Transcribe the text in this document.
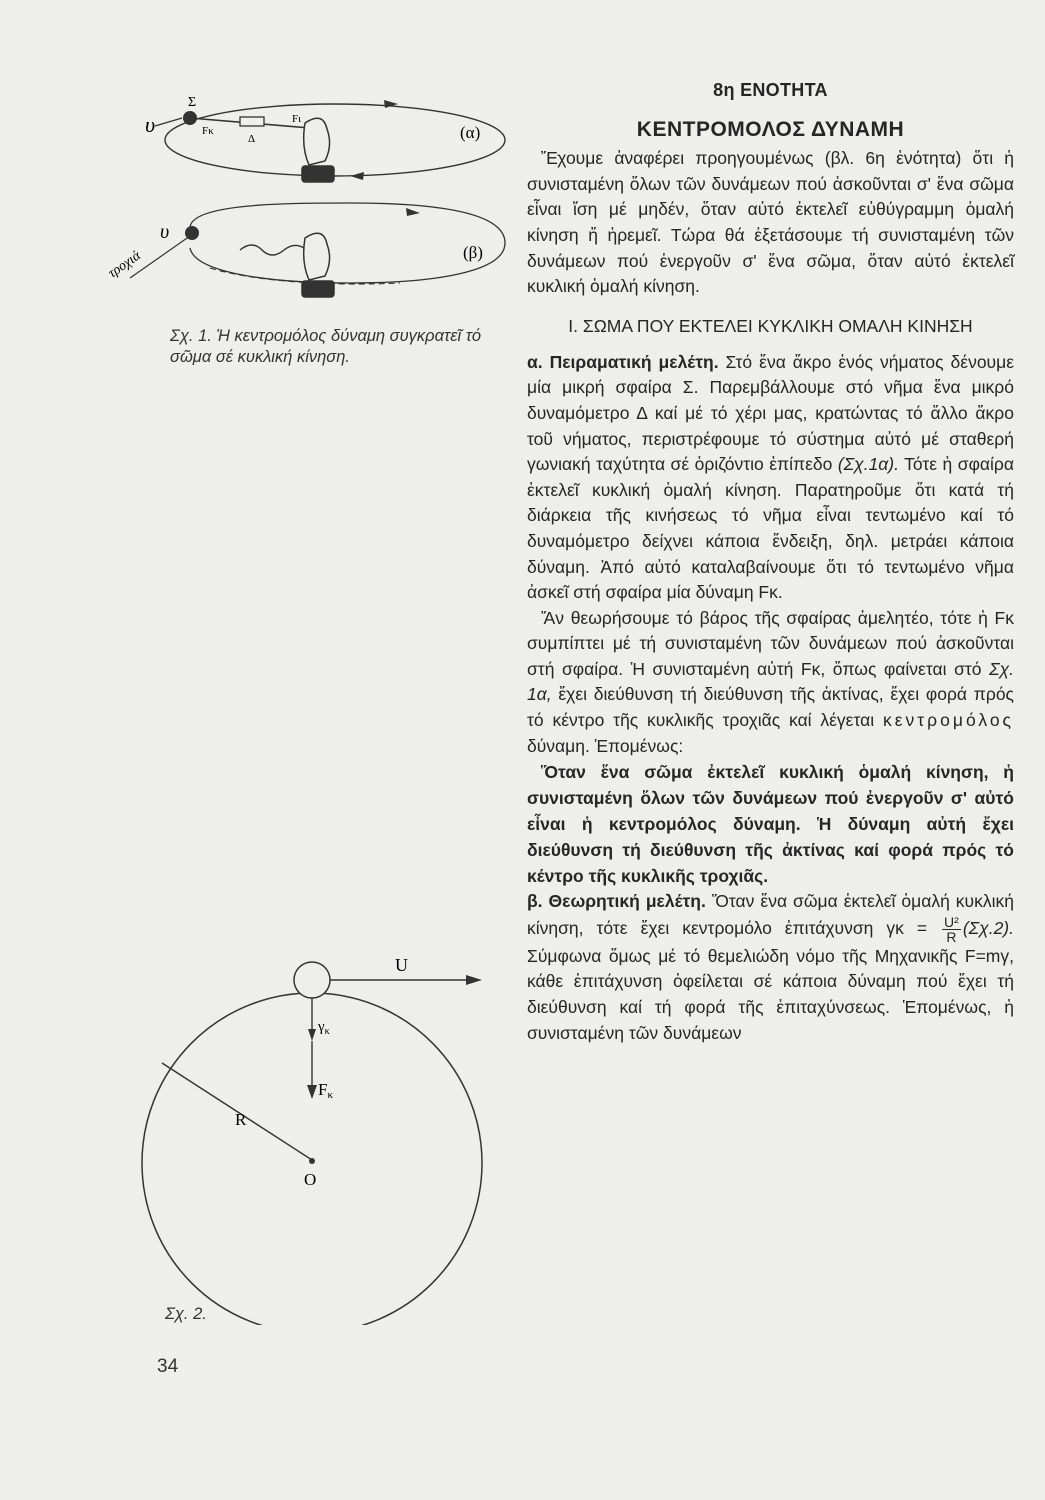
Σ
υ	Fκ
Δ
Fι
(α)
τροχιά
υ
(β)
Σχ. 1. Ἡ κεντρομόλος δύναμη συγκρατεῖ τό σῶμα σέ κυκλική κίνηση.
U
R
O
$\gamma_\kappa$
Fκ
Σχ. 2.
34
8η ΕΝΟΤΗΤΑ
ΚΕΝΤΡΟΜΟΛΟΣ ΔΥΝΑΜΗ

Ἔχουμε ἀναφέρει προηγουμένως (βλ. 6η ἑνότητα) ὅτι ἡ συνισταμένη ὅλων τῶν δυνάμεων πού ἀσκοῦνται σ' ἕνα σῶμα εἶναι ἴση μέ μηδέν, ὅταν αὐτό ἐκτελεῖ εὐθύγραμμη ὁμαλή κίνηση ἤ ἠρεμεῖ. Τώρα θά ἐξετάσουμε τή συνισταμένη τῶν δυνάμεων πού ἐνεργοῦν σ' ἕνα σῶμα, ὅταν αὐτό ἐκτελεῖ κυκλική ὁμαλή κίνηση.

Ι. ΣΩΜΑ ΠΟΥ ΕΚΤΕΛΕΙ ΚΥΚΛΙΚΗ ΟΜΑΛΗ ΚΙΝΗΣΗ

α. Πειραματική μελέτη. Στό ἕνα ἄκρο ἑνός νήματος δένουμε μία μικρή σφαίρα Σ. Παρεμβάλλουμε στό νῆμα ἕνα μικρό δυναμόμετρο Δ καί μέ τό χέρι μας, κρατώντας τό ἄλλο ἄκρο τοῦ νήματος, περιστρέφουμε τό σύστημα αὐτό μέ σταθερή γωνιακή ταχύτητα σέ ὁριζόντιο ἐπίπεδο (Σχ.1α). Τότε ἡ σφαίρα ἐκτελεῖ κυκλική ὁμαλή κίνηση. Παρατηροῦμε ὅτι κατά τή διάρκεια τῆς κινήσεως τό νῆμα εἶναι τεντωμένο καί τό δυναμόμετρο δείχνει κάποια ἔνδειξη, δηλ. μετράει κάποια δύναμη. Ἀπό αὐτό καταλαβαίνουμε ὅτι τό τεντωμένο νῆμα ἀσκεῖ στή σφαίρα μία δύναμη Fκ.

Ἄν θεωρήσουμε τό βάρος τῆς σφαίρας ἀμελητέο, τότε ἡ Fκ συμπίπτει μέ τή συνισταμένη τῶν δυνάμεων πού ἀσκοῦνται στή σφαίρα. Ἡ συνισταμένη αὐτή Fκ, ὅπως φαίνεται στό Σχ. 1α, ἔχει διεύθυνση τή διεύθυνση τῆς ἀκτίνας, ἔχει φορά πρός τό κέντρο τῆς κυκλικῆς τροχιᾶς καί λέγεται κεντρομόλος δύναμη. Ἑπομένως:

Ὅταν ἕνα σῶμα ἐκτελεῖ κυκλική ὁμαλή κίνηση, ἡ συνισταμένη ὅλων τῶν δυνάμεων πού ἐνεργοῦν σ' αὐτό εἶναι ἡ κεντρομόλος δύναμη. Ἡ δύναμη αὐτή ἔχει διεύθυνση τή διεύθυνση τῆς ἀκτίνας καί φορά πρός τό κέντρο τῆς κυκλικῆς τροχιᾶς.

β. Θεωρητική μελέτη. Ὅταν ἕνα σῶμα ἐκτελεῖ ὁμαλή κυκλική κίνηση, τότε ἔχει κεντρομόλο ἐπιτάχυνση $\gamma\kappa = \frac{\text{U²}}{R} (\Sigma\chi.2)$. Σύμφωνα ὅμως μέ τό θεμελιώδη νόμο τῆς Μηχανικῆς F=mγ, κάθε ἐπιτάχυνση ὀφείλεται σέ κάποια δύναμη πού ἔχει τή διεύθυνση καί τή φορά τῆς ἐπιταχύνσεως. Ἑπομένως, ἡ συνισταμένη τῶν δυνάμεων
